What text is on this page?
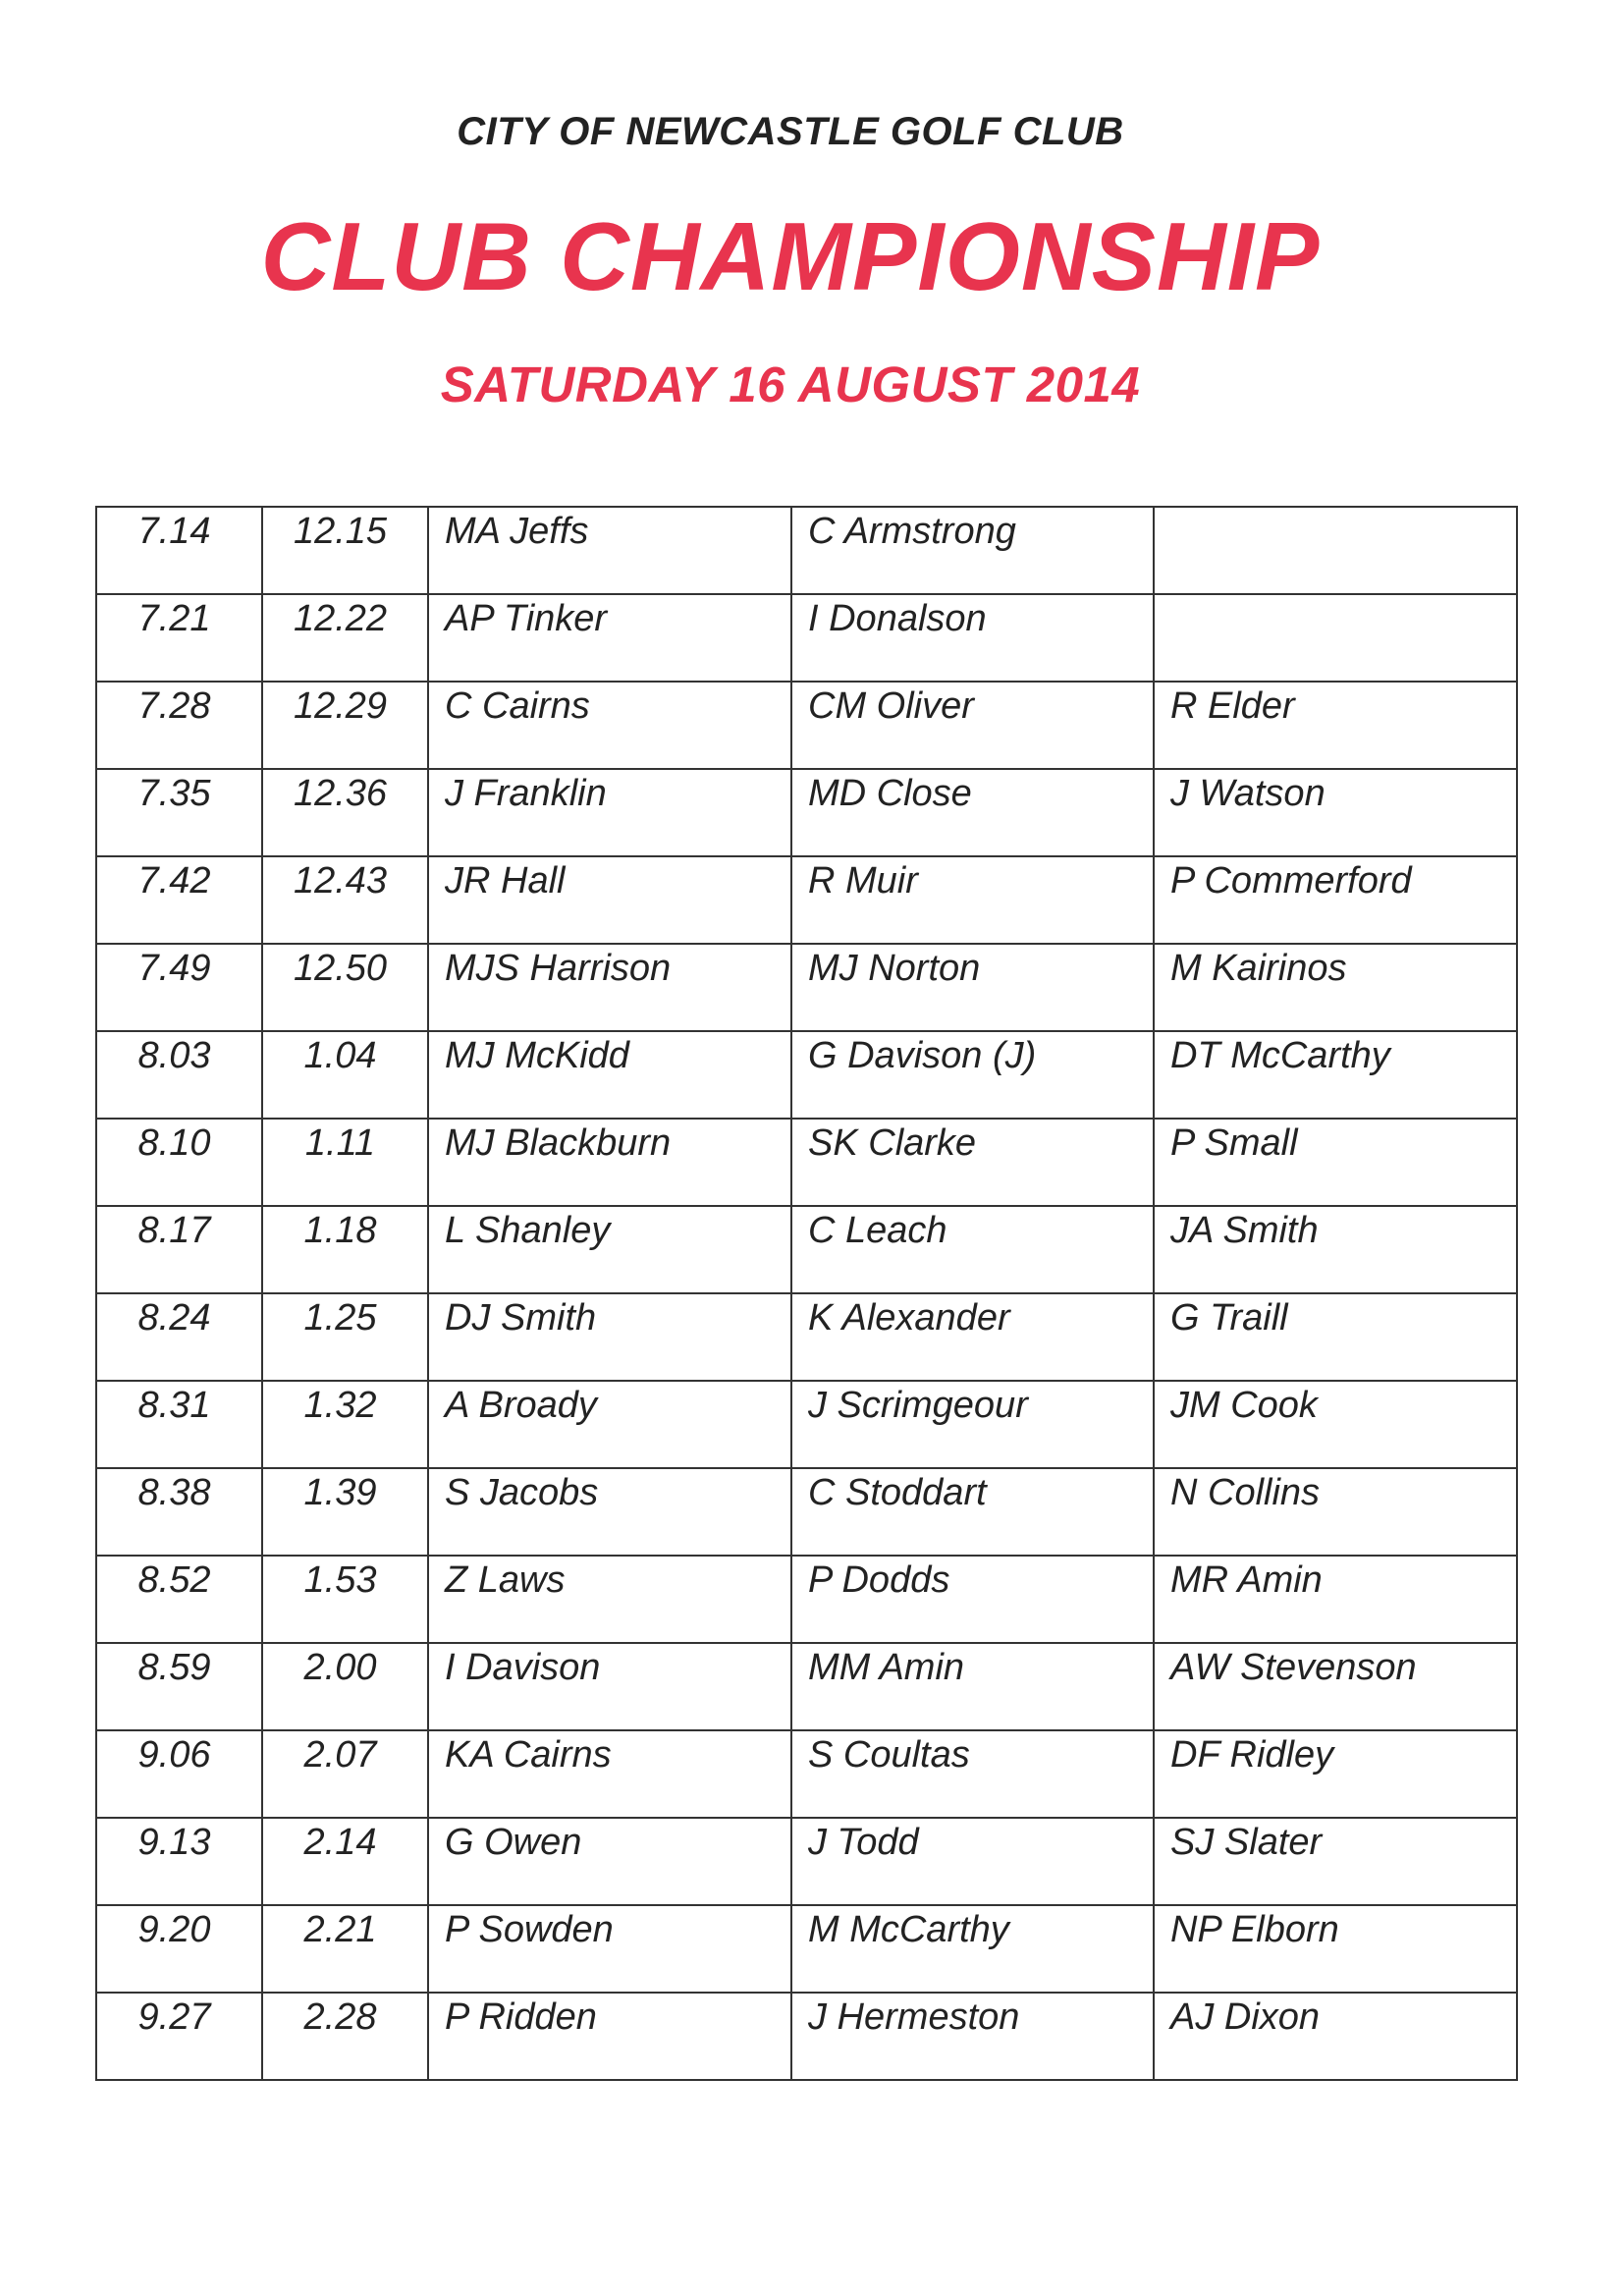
CITY OF NEWCASTLE GOLF CLUB
CLUB CHAMPIONSHIP
SATURDAY 16 AUGUST 2014
7.14	12.15	MA Jeffs	C Armstrong	

7.21	12.22	AP Tinker	I Donalson	

7.28	12.29	C Cairns	CM Oliver	R Elder

7.35	12.36	J Franklin	MD Close	J Watson

7.42	12.43	JR Hall	R Muir	P Commerford

7.49	12.50	MJS Harrison	MJ Norton	M Kairinos

8.03	1.04	MJ McKidd	G Davison (J)	DT McCarthy

8.10	1.11	MJ Blackburn	SK Clarke	P Small

8.17	1.18	L Shanley	C Leach	JA Smith

8.24	1.25	DJ Smith	K Alexander	G Traill

8.31	1.32	A Broady	J Scrimgeour	JM Cook

8.38	1.39	S Jacobs	C Stoddart	N Collins

8.52	1.53	Z Laws	P Dodds	MR Amin

8.59	2.00	I Davison	MM Amin	AW Stevenson

9.06	2.07	KA Cairns	S Coultas	DF Ridley

9.13	2.14	G Owen	J Todd	SJ Slater

9.20	2.21	P Sowden	M McCarthy	NP Elborn

9.27	2.28	P Ridden	J Hermeston	AJ Dixon
